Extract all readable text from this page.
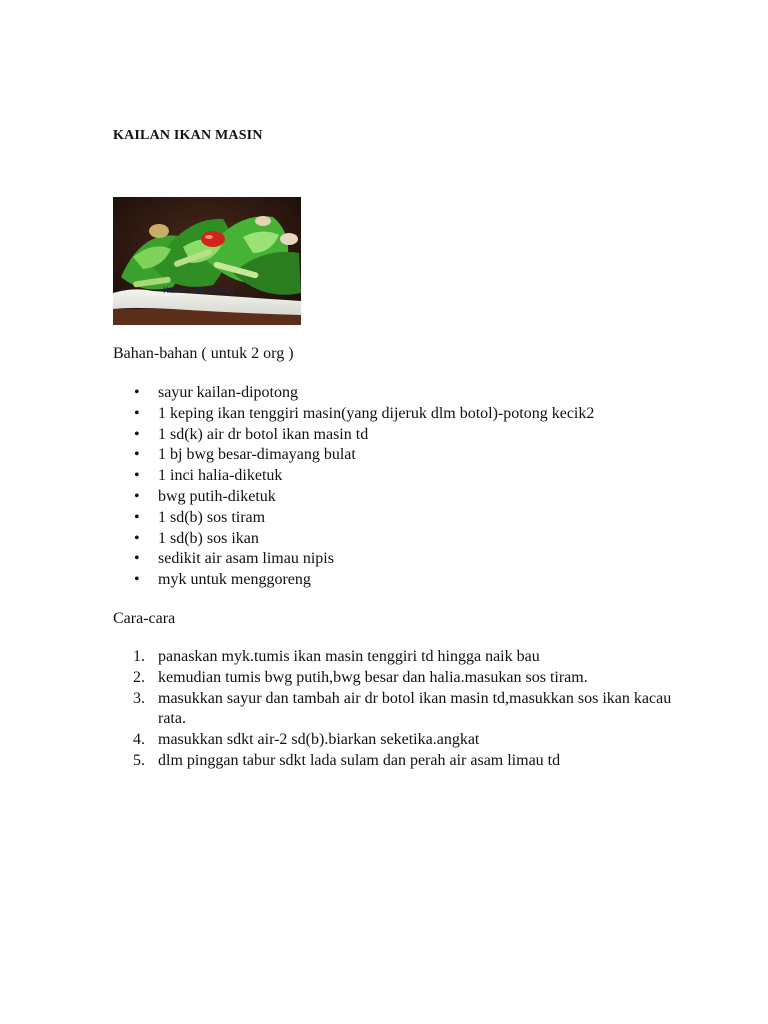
KAILAN IKAN MASIN
Kailan ikan masin
Bahan-bahan ( untuk 2 org )
• sayur kailan-dipotong
• 1 keping ikan tenggiri masin(yang dijeruk dlm botol)-potong kecik2
• 1 sd(k) air dr botol ikan masin td
• 1 bj bwg besar-dimayang bulat
• 1 inci halia-diketuk
• bwg putih-diketuk
• 1 sd(b) sos tiram
• 1 sd(b) sos ikan
• sedikit air asam limau nipis
• myk untuk menggoreng
Cara-cara
1. panaskan myk.tumis ikan masin tenggiri td hingga naik bau
2. kemudian tumis bwg putih,bwg besar dan halia.masukan sos tiram.
3. masukkan sayur dan tambah air dr botol ikan masin td,masukkan sos ikan kacau rata.
4. masukkan sdkt air-2 sd(b).biarkan seketika.angkat
5. dlm pinggan tabur sdkt lada sulam dan perah air asam limau td
